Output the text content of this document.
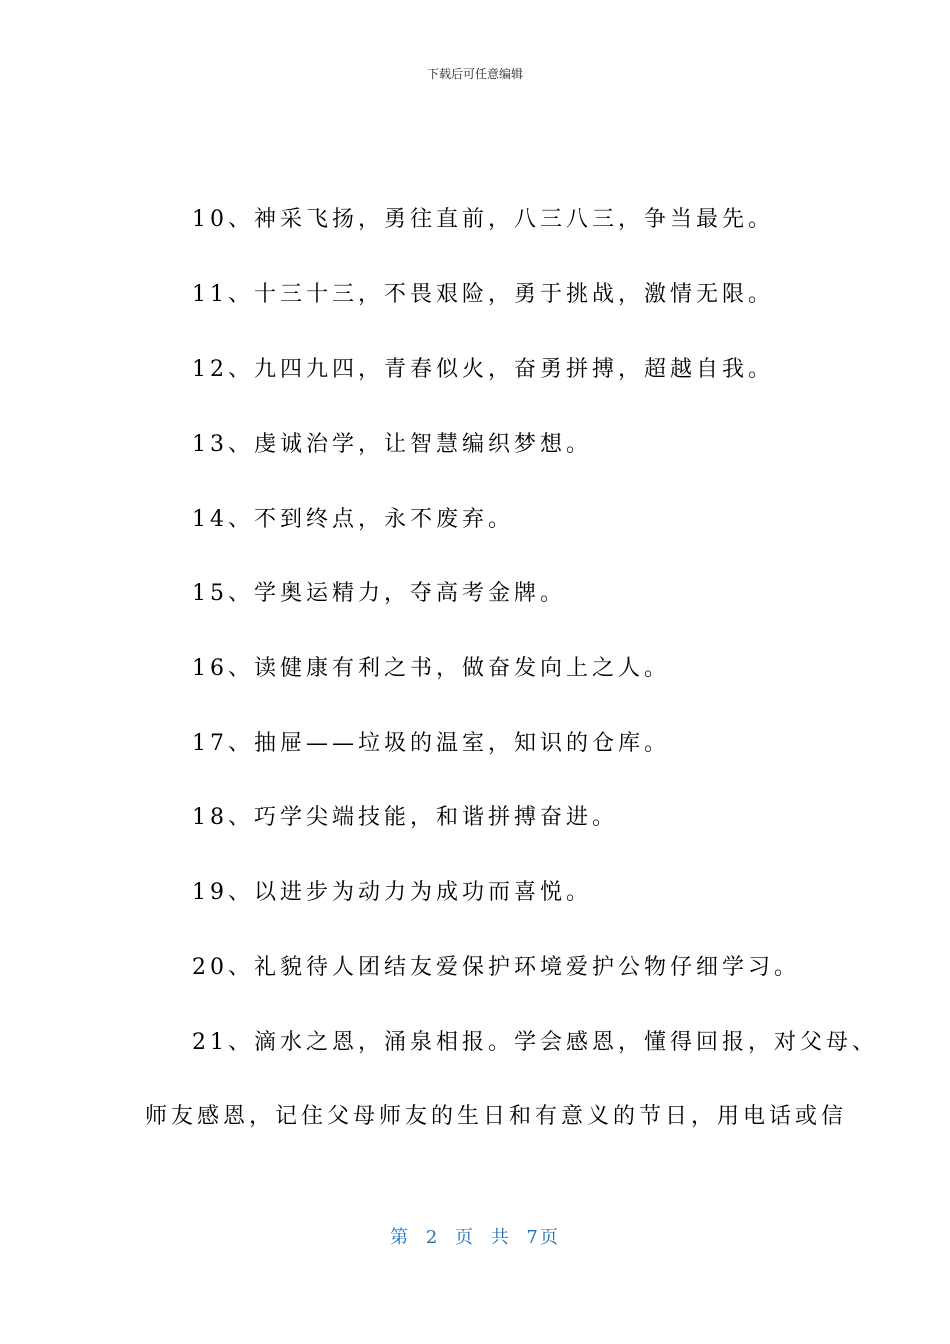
下载后可任意编辑
10、神采飞扬，勇往直前，八三八三，争当最先。
11、十三十三，不畏艰险，勇于挑战，激情无限。
12、九四九四，青春似火，奋勇拼搏，超越自我。
13、虔诚治学，让智慧编织梦想。
14、不到终点，永不废弃。
15、学奥运精力，夺高考金牌。
16、读健康有利之书，做奋发向上之人。
17、抽屉——垃圾的温室，知识的仓库。
18、巧学尖端技能，和谐拼搏奋进。
19、以进步为动力为成功而喜悦。
20、礼貌待人团结友爱保护环境爱护公物仔细学习。
21、滴水之恩，涌泉相报。学会感恩，懂得回报，对父母、
师友感恩，记住父母师友的生日和有意义的节日，用电话或信
第 2 页 共 7页
